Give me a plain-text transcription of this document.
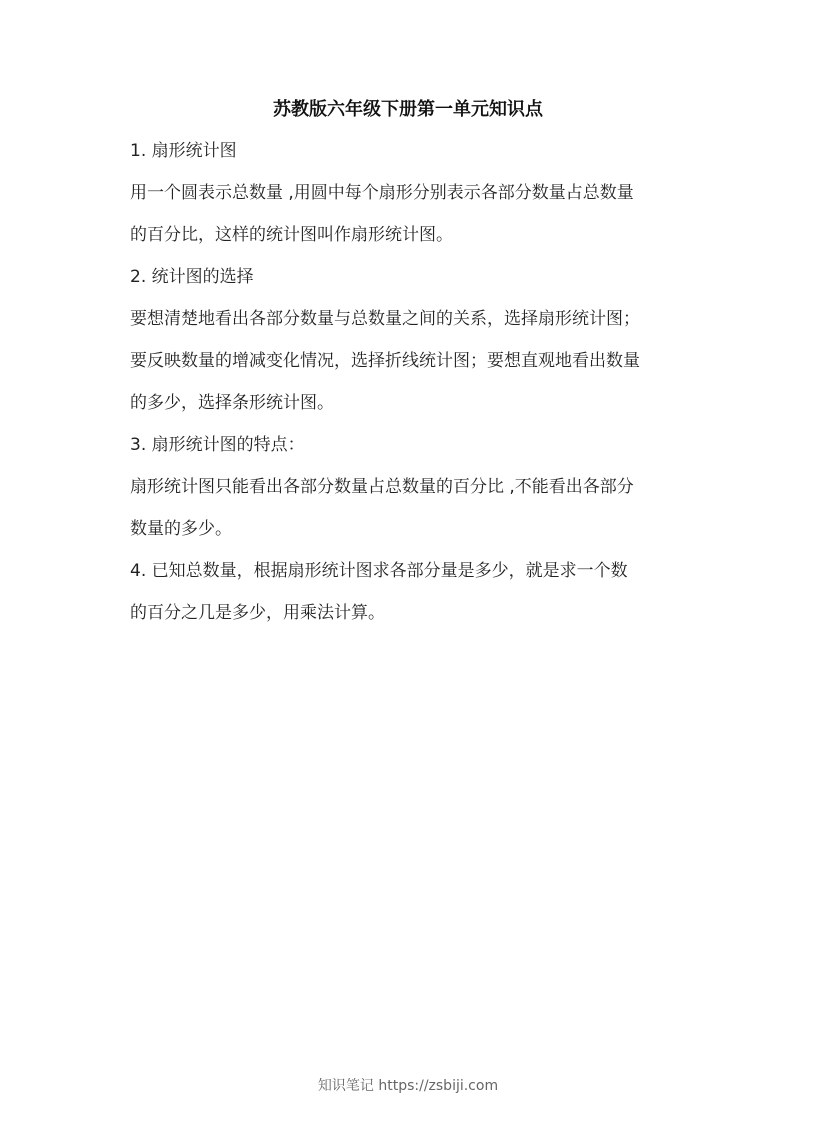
苏教版六年级下册第一单元知识点
1. 扇形统计图
用一个圆表示总数量 ,用圆中每个扇形分别表示各部分数量占总数量
的百分比，这样的统计图叫作扇形统计图。
2. 统计图的选择
要想清楚地看出各部分数量与总数量之间的关系，选择扇形统计图；
要反映数量的增减变化情况，选择折线统计图；要想直观地看出数量
的多少，选择条形统计图。
3. 扇形统计图的特点：
扇形统计图只能看出各部分数量占总数量的百分比 ,不能看出各部分
数量的多少。
4. 已知总数量，根据扇形统计图求各部分量是多少，就是求一个数
的百分之几是多少，用乘法计算。
知识笔记 https://zsbiji.com
